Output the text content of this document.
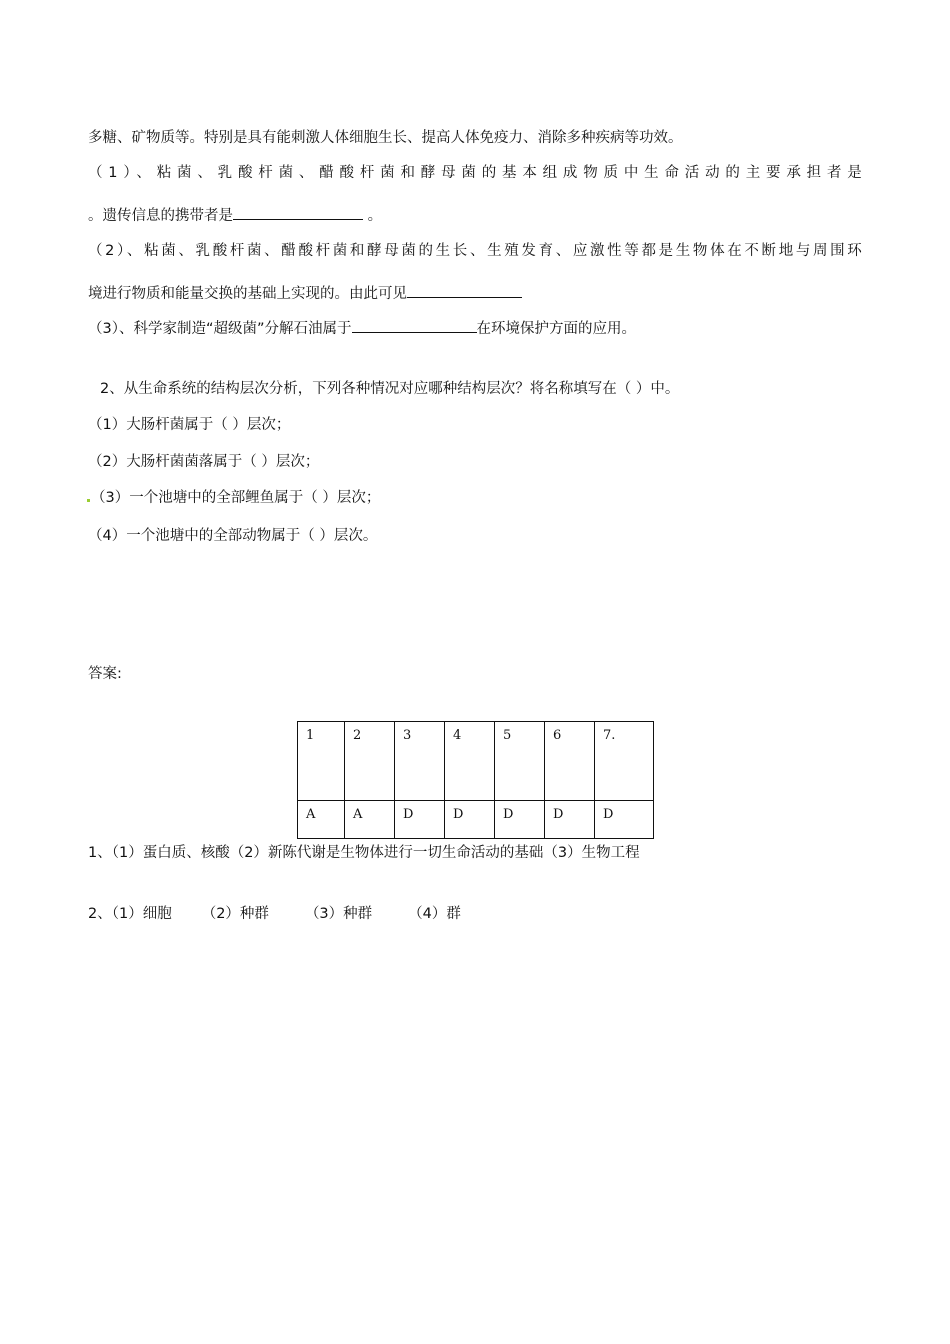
多糖、矿物质等。特别是具有能刺激人体细胞生长、提高人体免疫力、消除多种疾病等功效。
（1）、粘菌、乳酸杆菌、醋酸杆菌和酵母菌的基本组成物质中生命活动的主要承担者是
。遗传信息的携带者是	。
（2）、粘菌、乳酸杆菌、醋酸杆菌和酵母菌的生长、生殖发育、应激性等都是生物体在不断地与周围环
境进行物质和能量交换的基础上实现的。由此可见
（3）、科学家制造“超级菌”分解石油属于	在环境保护方面的应用。
2、从生命系统的结构层次分析，下列各种情况对应哪种结构层次？将名称填写在（ ）中。
（1）大肠杆菌属于（ ）层次；
（2）大肠杆菌菌落属于（ ）层次；
（3）一个池塘中的全部鲤鱼属于（ ）层次；
（4）一个池塘中的全部动物属于（ ）层次。
答案:
1	2	3	4	5	6	7.
A	A	D	D	D	D	D
1、（1）蛋白质、核酸（2）新陈代谢是生物体进行一切生命活动的基础（3）生物工程
2、（1）细胞 （2）种群 （3）种群 （4）群
